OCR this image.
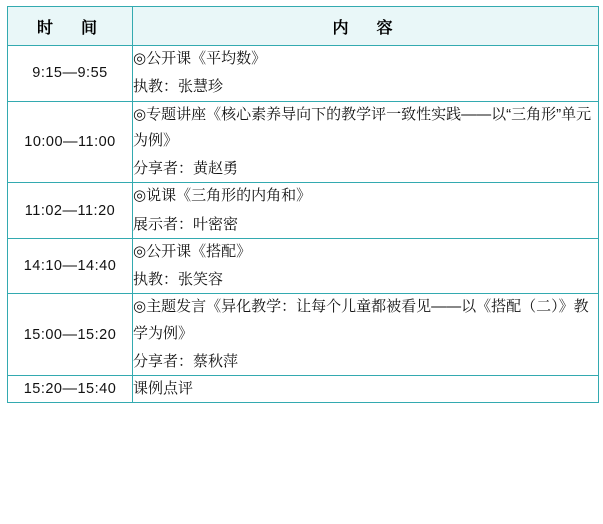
时　间	内　容
9:15—9:55	◎公开课《平均数》
执教：张慧珍

10:00—11:00	◎专题讲座《核心素养导向下的教学评一致性实践——以“三角形”单元为例》
分享者：黄赵勇

11:02—11:20	◎说课《三角形的内角和》
展示者：叶密密

14:10—14:40	◎公开课《搭配》
执教：张笑容

15:00—15:20	◎主题发言《异化教学：让每个儿童都被看见——以《搭配（二）》教学为例》
分享者：蔡秋萍

15:20—15:40	课例点评
